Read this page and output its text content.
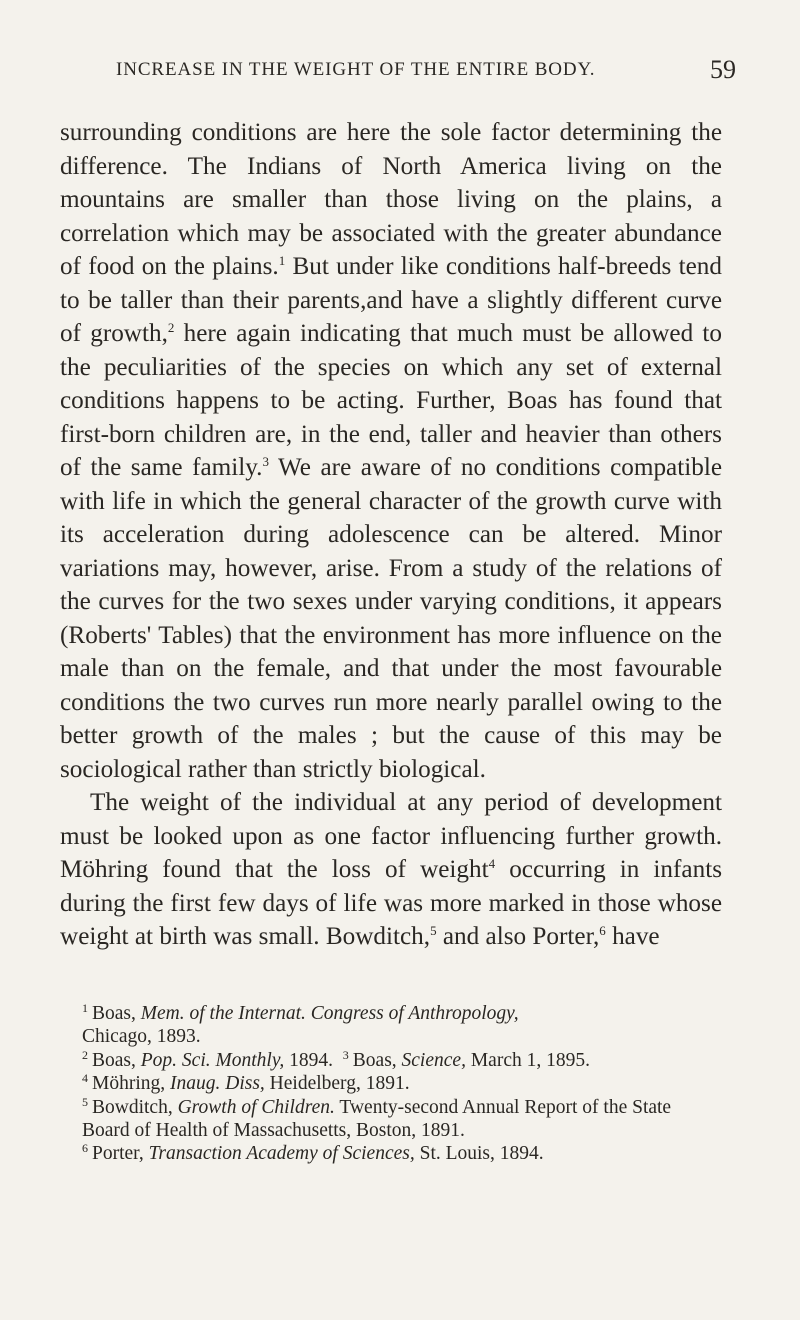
INCREASE IN THE WEIGHT OF THE ENTIRE BODY.	59

surrounding conditions are here the sole factor determining the difference. The Indians of North America living on the mountains are smaller than those living on the plains, a correlation which may be associated with the greater abundance of food on the plains.$^1$ But under like conditions half-breeds tend to be taller than their parents,and have a slightly different curve of growth,$^2$ here again indicating that much must be allowed to the peculiarities of the species on which any set of external conditions happens to be acting. Further, Boas has found that first-born children are, in the end, taller and heavier than others of the same family.$^3$ We are aware of no conditions compatible with life in which the general character of the growth curve with its acceleration during adolescence can be altered. Minor variations may, however, arise. From a study of the relations of the curves for the two sexes under varying conditions, it appears (Roberts' Tables) that the environment has more influence on the male than on the female, and that under the most favourable conditions the two curves run more nearly parallel owing to the better growth of the males ; but the cause of this may be sociological rather than strictly biological.

The weight of the individual at any period of development must be looked upon as one factor influencing further growth. Möhring found that the loss of weight$^4$ occurring in infants during the first few days of life was more marked in those whose weight at birth was small. Bowditch,$^5$ and also Porter,$^6$ have

$^1$ Boas, Mem. of the Internat. Congress of Anthropology,
Chicago, 1893.
$^2$ Boas, Pop. Sci. Monthly, 1894. $^3$ Boas, Science, March 1, 1895.
$^4$ Möhring, Inaug. Diss, Heidelberg, 1891.
$^5$ Bowditch, Growth of Children. Twenty-second Annual Report of the State Board of Health of Massachusetts, Boston, 1891.
$^6$ Porter, Transaction Academy of Sciences, St. Louis, 1894.
